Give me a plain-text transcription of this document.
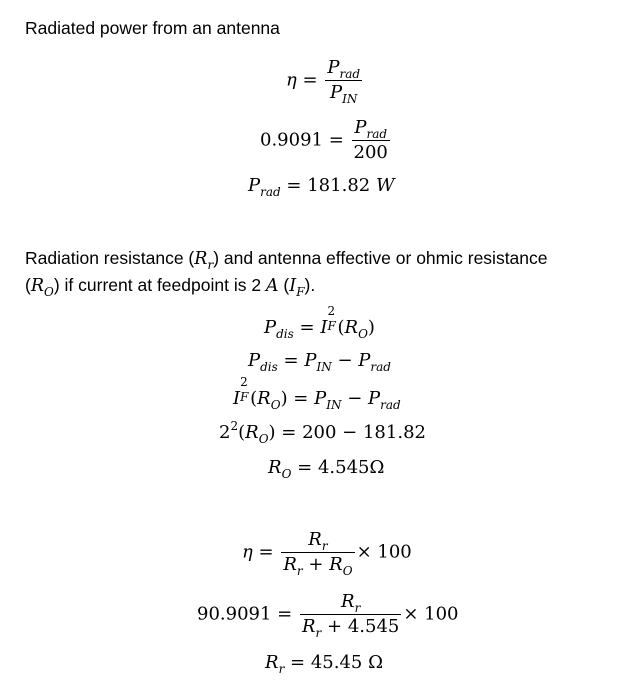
Radiated power from an antenna
$\eta = \frac{P_{rad}}{P_{IN}}$
$0.9091 = \frac{P_{rad}}{200}$
$P_{rad} = 181.82$ W
Radiation resistance $(R_r)$ and antenna effective or ohmic resistance
$(R_O)$ if current at feedpoint is 2 A $(I_F)$.
$P_{dis} = I$
2
F $(R_O)$
$P_{dis} = P_{IN} - P_{rad}$
I
2
F $(R_O) = P_{IN} - P_{rad}$
$2^2(R_O) = 200 - 181.82$
$R_O = 4.545\Omega$
$\eta = \frac{R_r}{R_r + R_O} \times 100$
$90.9091 = \frac{R_r}{R_r + 4.545} \times 100$
$R_r = 45.45$ Ω
